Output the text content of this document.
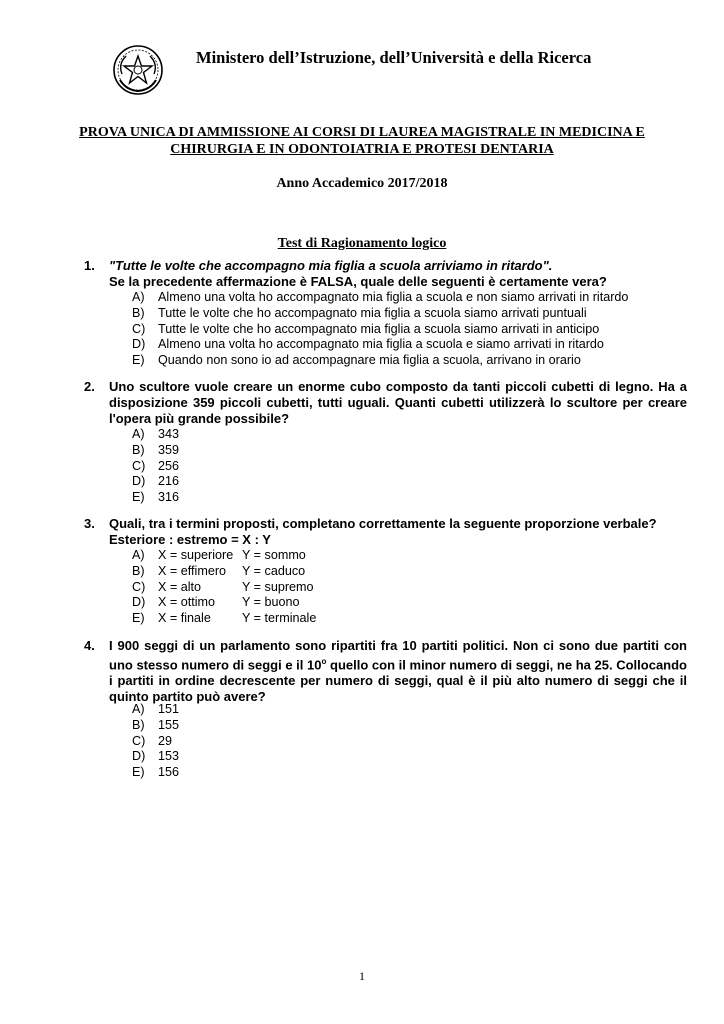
Ministero dell’Istruzione, dell’Università e della Ricerca
PROVA UNICA DI AMMISSIONE AI CORSI DI LAUREA MAGISTRALE IN MEDICINA E
CHIRURGIA E IN ODONTOIATRIA E PROTESI DENTARIA
Anno Accademico 2017/2018
Test di Ragionamento logico
1. "Tutte le volte che accompagno mia figlia a scuola arriviamo in ritardo".
Se la precedente affermazione è FALSA, quale delle seguenti è certamente vera?
A) Almeno una volta ho accompagnato mia figlia a scuola e non siamo arrivati in ritardo
B) Tutte le volte che ho accompagnato mia figlia a scuola siamo arrivati puntuali
C) Tutte le volte che ho accompagnato mia figlia a scuola siamo arrivati in anticipo
D) Almeno una volta ho accompagnato mia figlia a scuola e siamo arrivati in ritardo
E) Quando non sono io ad accompagnare mia figlia a scuola, arrivano in orario
2. Uno scultore vuole creare un enorme cubo composto da tanti piccoli cubetti di legno. Ha a disposizione 359 piccoli cubetti, tutti uguali. Quanti cubetti utilizzerà lo scultore per creare l'opera più grande possibile?
A) 343
B) 359
C) 256
D) 216
E) 316
3. Quali, tra i termini proposti, completano correttamente la seguente proporzione verbale?
Esteriore : estremo = X : Y
A) X = superiore Y = sommo
B) X = effimero Y = caduco
C) X = alto	Y = supremo
D) X = ottimo Y = buono
E) X = finale Y = terminale
4. I 900 seggi di un parlamento sono ripartiti fra 10 partiti politici. Non ci sono due partiti con uno stesso numero di seggi e il 10$^o$ quello con il minor numero di seggi, ne ha 25. Collocando i partiti in ordine decrescente per numero di seggi, qual è il più alto numero di seggi che il quinto partito può avere?
A) 151
B) 155
C) 29
D) 153
E) 156
1
